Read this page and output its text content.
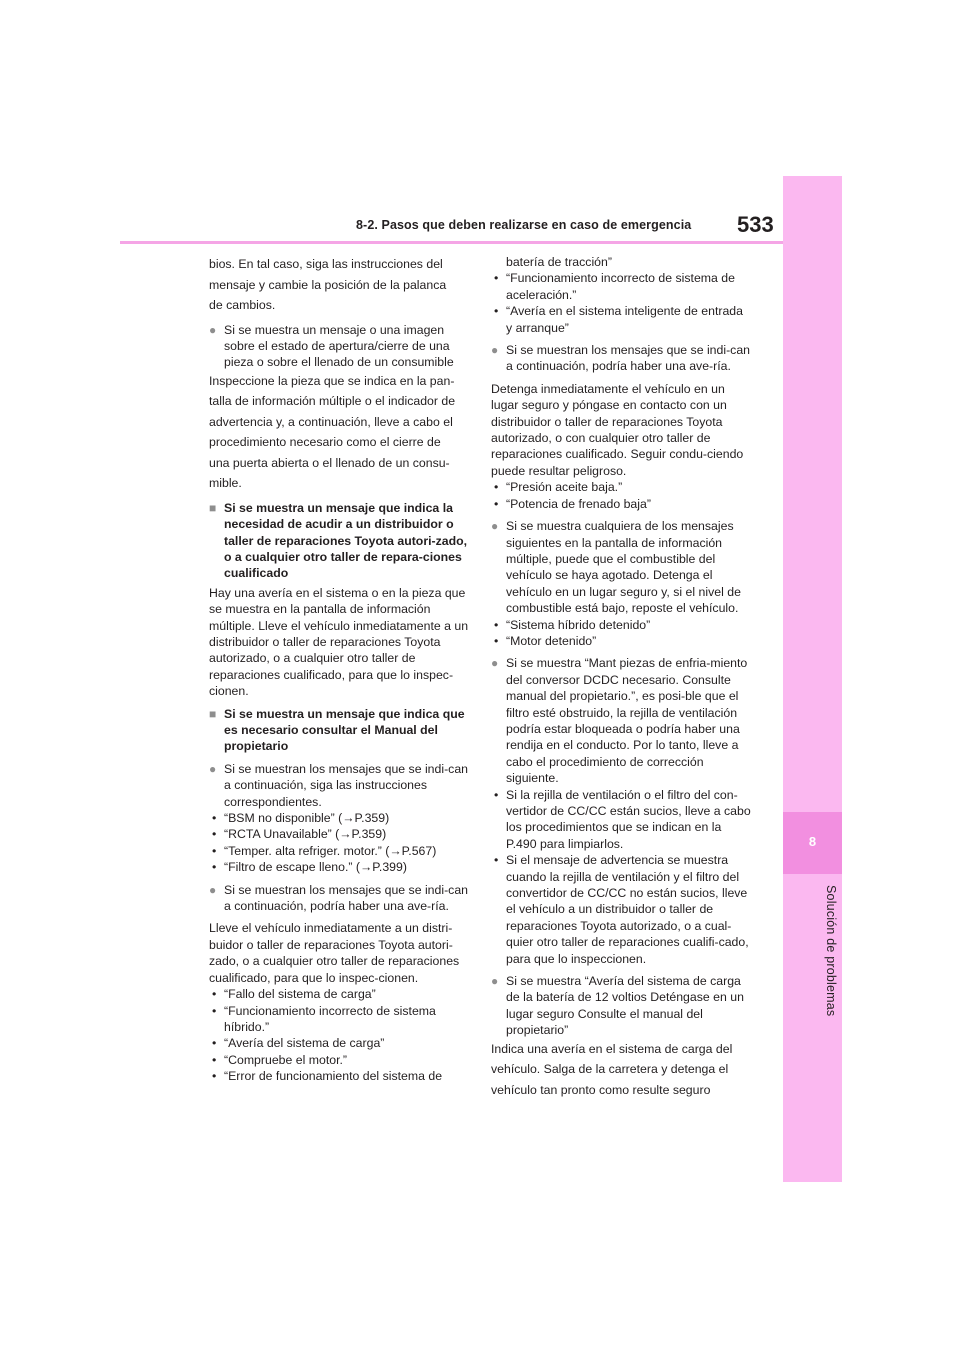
8-2. Pasos que deben realizarse en caso de emergencia 533
8
Solución de problemas

bios. En tal caso, siga las instrucciones del

mensaje y cambie la posición de la palanca

de cambios.

● Si se muestra un mensaje o una imagen sobre el estado de apertura/cierre de una pieza o sobre el llenado de un consumible

Inspeccione la pieza que se indica en la pan-

talla de información múltiple o el indicador de

advertencia y, a continuación, lleve a cabo el

procedimiento necesario como el cierre de

una puerta abierta o el llenado de un consu-

mible.

■ Si se muestra un mensaje que indica la necesidad de acudir a un distribuidor o taller de reparaciones Toyota autori-zado, o a cualquier otro taller de repara-ciones cualificado

Hay una avería en el sistema o en la pieza que se muestra en la pantalla de información múltiple. Lleve el vehículo inmediatamente a un distribuidor o taller de reparaciones Toyota autorizado, o a cualquier otro taller de reparaciones cualificado, para que lo inspec-cionen.

■ Si se muestra un mensaje que indica que es necesario consultar el Manual del propietario
● Si se muestran los mensajes que se indi-can a continuación, siga las instrucciones correspondientes.
• “BSM no disponible” (→P.359)
• “RCTA Unavailable” (→P.359)
• “Temper. alta refriger. motor.” (→P.567)
• “Filtro de escape lleno.” (→P.399)
● Si se muestran los mensajes que se indi-can a continuación, podría haber una ave-ría.

Lleve el vehículo inmediatamente a un distri-buidor o taller de reparaciones Toyota autori-zado, o a cualquier otro taller de reparaciones cualificado, para que lo inspec-cionen.

• “Fallo del sistema de carga”
• “Funcionamiento incorrecto de sistema híbrido.”
• “Avería del sistema de carga”
• “Compruebe el motor.”
• “Error de funcionamiento del sistema de
batería de tracción”
• “Funcionamiento incorrecto de sistema de aceleración.”
• “Avería en el sistema inteligente de entrada y arranque”
● Si se muestran los mensajes que se indi-can a continuación, podría haber una ave-ría.

Detenga inmediatamente el vehículo en un lugar seguro y póngase en contacto con un distribuidor o taller de reparaciones Toyota autorizado, o con cualquier otro taller de reparaciones cualificado. Seguir condu-ciendo puede resultar peligroso.

• “Presión aceite baja.”
• “Potencia de frenado baja”
● Si se muestra cualquiera de los mensajes siguientes en la pantalla de información múltiple, puede que el combustible del vehículo se haya agotado. Detenga el vehículo en un lugar seguro y, si el nivel de combustible está bajo, reposte el vehículo.
• “Sistema híbrido detenido”
• “Motor detenido”
● Si se muestra “Mant piezas de enfria-miento del conversor DCDC necesario. Consulte manual del propietario.”, es posi-ble que el filtro esté obstruido, la rejilla de ventilación podría estar bloqueada o podría haber una rendija en el conducto. Por lo tanto, lleve a cabo el procedimiento de corrección siguiente.
• Si la rejilla de ventilación o el filtro del con-vertidor de CC/CC están sucios, lleve a cabo los procedimientos que se indican en la P.490 para limpiarlos.
• Si el mensaje de advertencia se muestra cuando la rejilla de ventilación y el filtro del convertidor de CC/CC no están sucios, lleve el vehículo a un distribuidor o taller de reparaciones Toyota autorizado, o a cual-quier otro taller de reparaciones cualifi-cado, para que lo inspeccionen.
● Si se muestra “Avería del sistema de carga de la batería de 12 voltios Deténgase en un lugar seguro Consulte el manual del propietario”

Indica una avería en el sistema de carga del

vehículo. Salga de la carretera y detenga el

vehículo tan pronto como resulte seguro
